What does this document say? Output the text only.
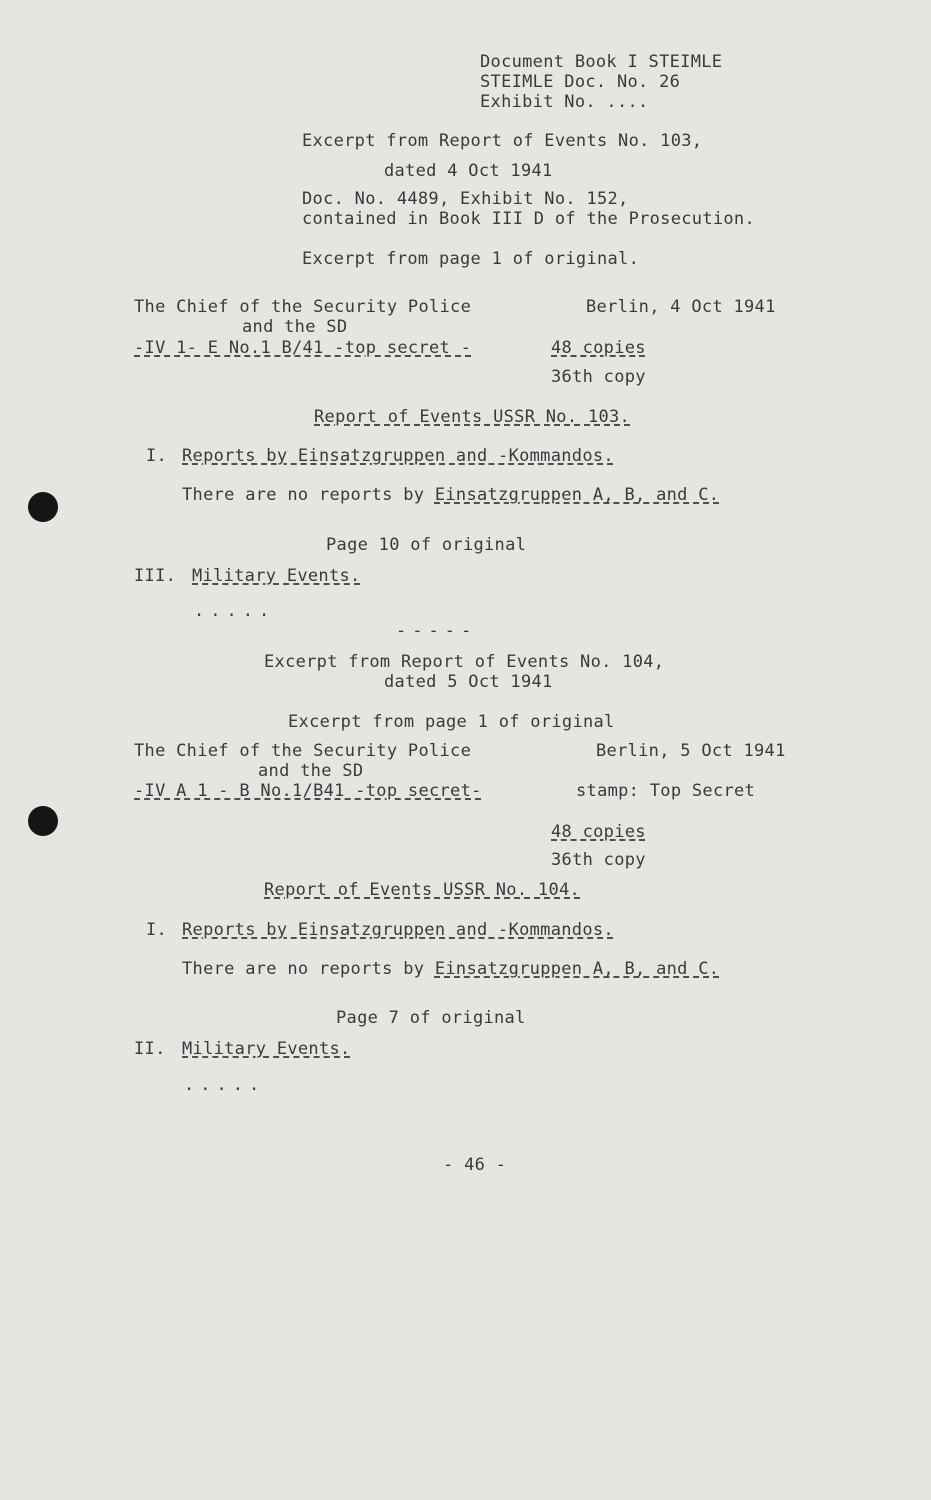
Document Book I STEIMLE
STEIMLE Doc. No. 26
Exhibit No. ....
Excerpt from Report of Events No. 103,
dated 4 Oct 1941
Doc. No. 4489, Exhibit No. 152,
contained in Book III D of the Prosecution.
Excerpt from page 1 of original.
The Chief of the Security Police
and the SD
Berlin, 4 Oct 1941
-IV 1- E No.1 B/41 -top secret -	48 copies
36th copy
Report of Events USSR No. 103.
I. Reports by Einsatzgruppen and -Kommandos.
There are no reports by Einsatzgruppen A, B, and C.
Page 10 of original
III. Military Events.
.....
-----
Excerpt from Report of Events No. 104,
dated 5 Oct 1941
Excerpt from page 1 of original
The Chief of the Security Police
and the SD
Berlin, 5 Oct 1941
-IV A 1 - B No.1/B41 -top secret-	stamp: Top Secret
48 copies
36th copy
Report of Events USSR No. 104.
I. Reports by Einsatzgruppen and -Kommandos.
There are no reports by Einsatzgruppen A, B, and C.
Page 7 of original
II. Military Events.
.....
- 46 -
